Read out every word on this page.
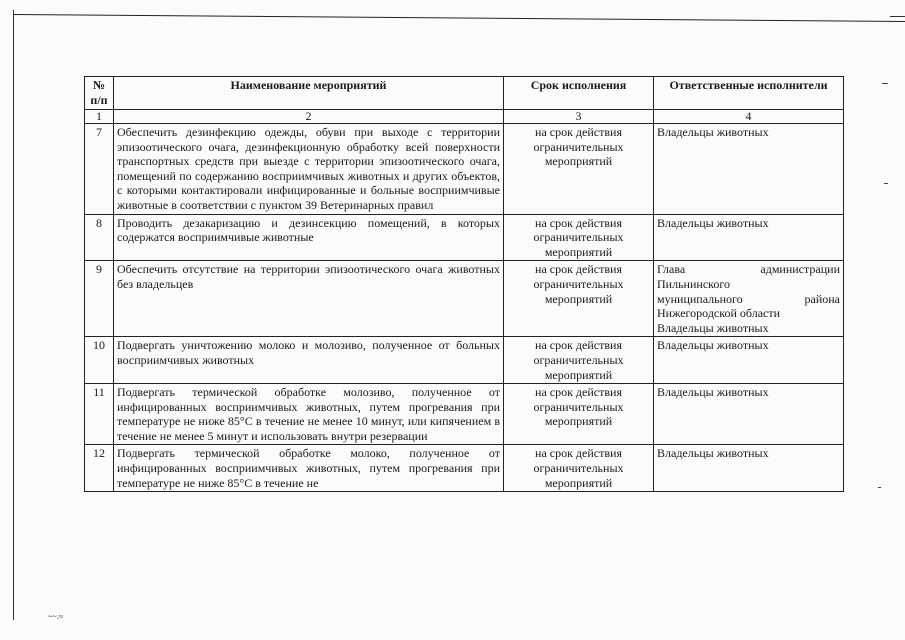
~~.≈
№ п/п	Наименование мероприятий	Срок исполнения	Ответственные исполнители
1	2	3	4
7	Обеспечить дезинфекцию одежды, обуви при выходе с территории эпизоотического очага, дезинфекционную обработку всей поверхности транспортных средств при выезде с территории эпизоотического очага, помещений по содержанию восприимчивых животных и других объектов, с которыми контактировали инфицированные и больные восприимчивые животные в соответствии с пунктом 39 Ветеринарных правил	на срок действия ограничительных мероприятий	Владельцы животных
8	Проводить дезакаризацию и дезинсекцию помещений, в которых содержатся восприимчивые животные	на срок действия ограничительных мероприятий	Владельцы животных
9	Обеспечить отсутствие на территории эпизоотического очага животных без владельцев	на срок действия ограничительных мероприятий	Глава администрации
Пильнинского
муниципального района
Нижегородской области
Владельцы животных

10	Подвергать уничтожению молоко и молозиво, полученное от больных восприимчивых животных	на срок действия ограничительных мероприятий	Владельцы животных
11	Подвергать термической обработке молозиво, полученное от инфицированных восприимчивых животных, путем прогревания при температуре не ниже 85°С в течение не менее 10 минут, или кипячением в течение не менее 5 минут и использовать внутри резервации	на срок действия ограничительных мероприятий	Владельцы животных
12	Подвергать термической обработке молоко, полученное от инфицированных восприимчивых животных, путем прогревания при температуре не ниже 85°С в течение не	на срок действия ограничительных мероприятий	Владельцы животных
